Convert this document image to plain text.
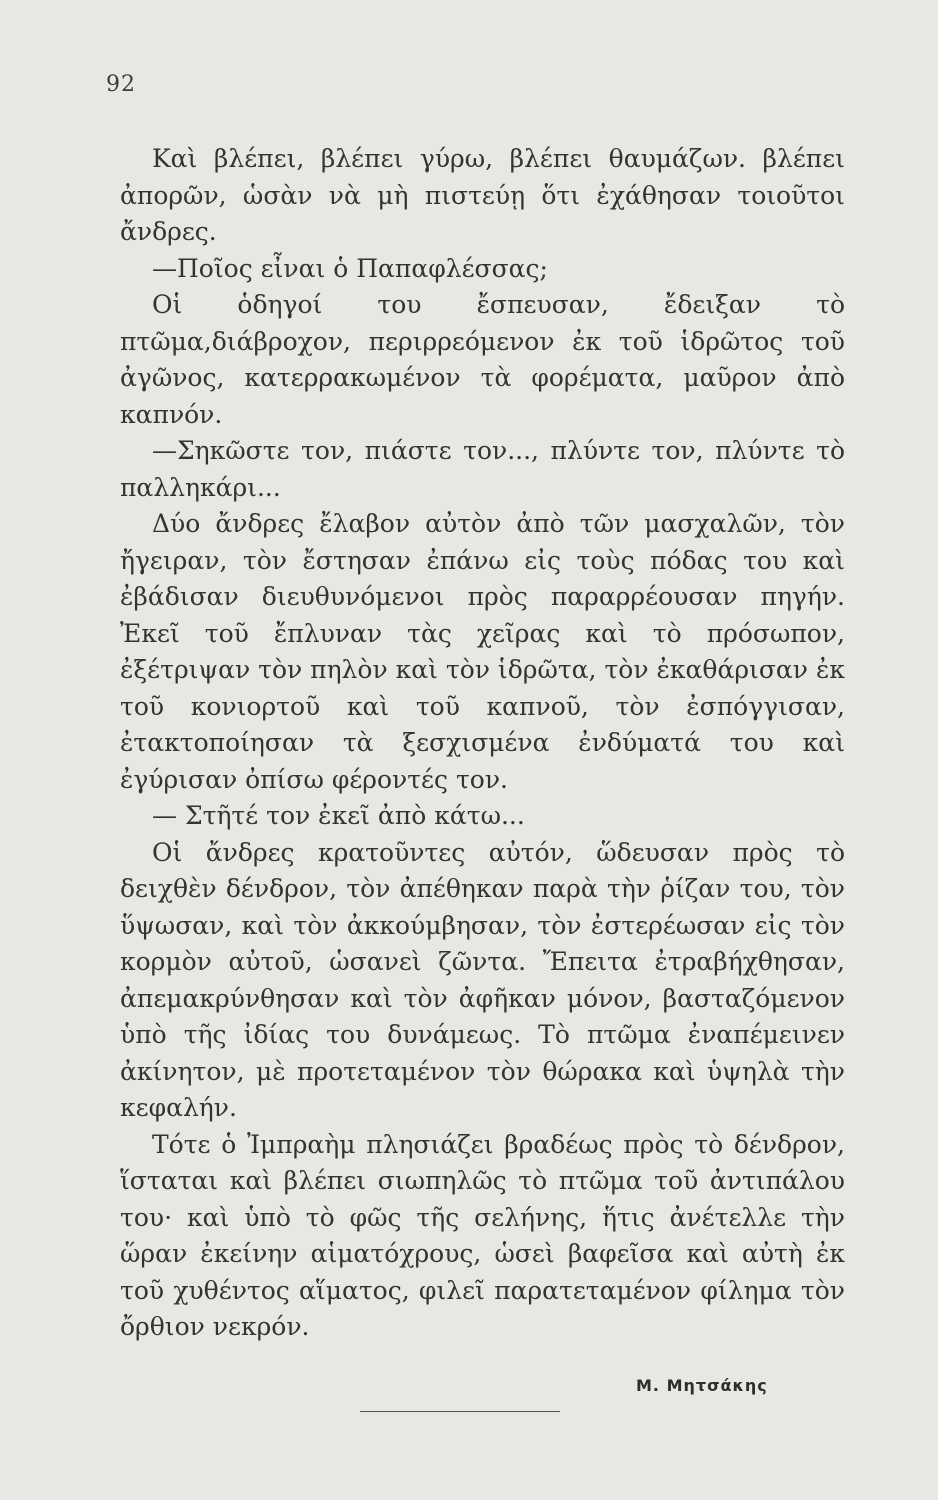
92

Καὶ βλέπει, βλέπει γύρω, βλέπει θαυμάζων. βλέπει ἀπορῶν, ὡσὰν νὰ μὴ πιστεύῃ ὅτι ἐχάθησαν τοιοῦτοι ἄνδρες.

—Ποῖος εἶναι ὁ Παπαφλέσσας;

Οἱ ὁδηγοί του ἔσπευσαν, ἔδειξαν τὸ πτῶμα,διάβροχον, περιρρεόμενον ἐκ τοῦ ἱδρῶτος τοῦ ἀγῶνος, κατερρακωμένον τὰ φορέματα, μαῦρον ἀπὸ καπνόν.

—Σηκῶστε τον, πιάστε τον..., πλύντε τον, πλύντε τὸ παλληκάρι...

Δύο ἄνδρες ἔλαβον αὐτὸν ἀπὸ τῶν μασχαλῶν, τὸν ἤγειραν, τὸν ἔστησαν ἐπάνω εἰς τοὺς πόδας του καὶ ἐβάδισαν διευθυνόμενοι πρὸς παραρρέουσαν πηγήν. Ἐκεῖ τοῦ ἔπλυναν τὰς χεῖρας καὶ τὸ πρόσωπον, ἐξέτριψαν τὸν πηλὸν καὶ τὸν ἱδρῶτα, τὸν ἐκαθάρισαν ἐκ τοῦ κονιορτοῦ καὶ τοῦ καπνοῦ, τὸν ἐσπόγγισαν, ἐτακτοποίησαν τὰ ξεσχισμένα ἐνδύματά του καὶ ἐγύρισαν ὀπίσω φέροντές τον.

— Στῆτέ τον ἐκεῖ ἀπὸ κάτω...

Οἱ ἄνδρες κρατοῦντες αὐτόν, ὥδευσαν πρὸς τὸ δειχθὲν δένδρον, τὸν ἀπέθηκαν παρὰ τὴν ῥίζαν του, τὸν ὕψωσαν, καὶ τὸν ἀκκούμβησαν, τὸν ἐστερέωσαν εἰς τὸν κορμὸν αὐτοῦ, ὡσανεὶ ζῶντα. Ἔπειτα ἐτραβήχθησαν, ἀπεμακρύνθησαν καὶ τὸν ἀφῆκαν μόνον, βασταζόμενον ὑπὸ τῆς ἰδίας του δυνάμεως. Τὸ πτῶμα ἐναπέμεινεν ἀκίνητον, μὲ προτεταμένον τὸν θώρακα καὶ ὑψηλὰ τὴν κεφαλήν.

Τότε ὁ Ἰμπραὴμ πλησιάζει βραδέως πρὸς τὸ δένδρον, ἵσταται καὶ βλέπει σιωπηλῶς τὸ πτῶμα τοῦ ἀντιπάλου του· καὶ ὑπὸ τὸ φῶς τῆς σελήνης, ἥτις ἀνέτελλε τὴν ὥραν ἐκείνην αἱματόχρους, ὡσεὶ βαφεῖσα καὶ αὐτὴ ἐκ τοῦ χυθέντος αἵματος, φιλεῖ παρατεταμένον φίλημα τὸν ὄρθιον νεκρόν.

Μ. Μητσάκης
